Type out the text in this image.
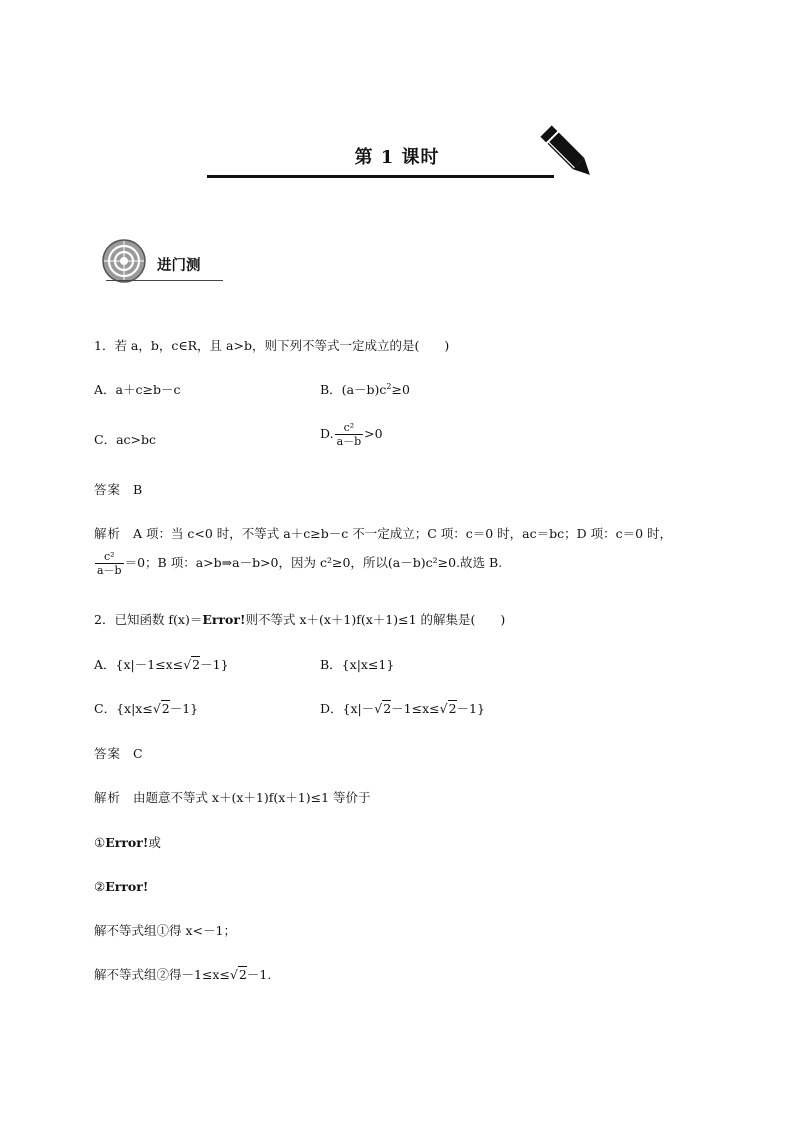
第 1 课时
进门测
1．若 a，b，c∈R，且 a>b，则下列不等式一定成立的是(　　)
A．a＋c≥b－c	B．$(a-b)c^2\ge 0$
C．ac>bc	D. $\frac{\text{c²}}{a-b} >0$
答案 B
解析 A 项：当 c<0 时，不等式 a＋c≥b－c 不一定成立；C 项：c＝0 时，ac＝bc；D 项：c＝0 时，
$\frac{\text{c²}}{a-b} =0$；B 项：a>b⇒a－b>0，因为 c²≥0，所以(a－b)c²≥0.故选 B.
2．已知函数 f(x)＝Error!则不等式 x＋(x＋1)f(x＋1)≤1 的解集是(　　)
A．{x|－1≤x≤√2－1}	B．{x|x≤1}
C．{x|x≤√2－1}	D．{x|－√2－1≤x≤√2－1}
答案 C
解析 由题意不等式 x＋(x＋1)f(x＋1)≤1 等价于
①Error!或
②Error!
解不等式组①得 x<－1；
解不等式组②得－1≤x≤√2－1.
